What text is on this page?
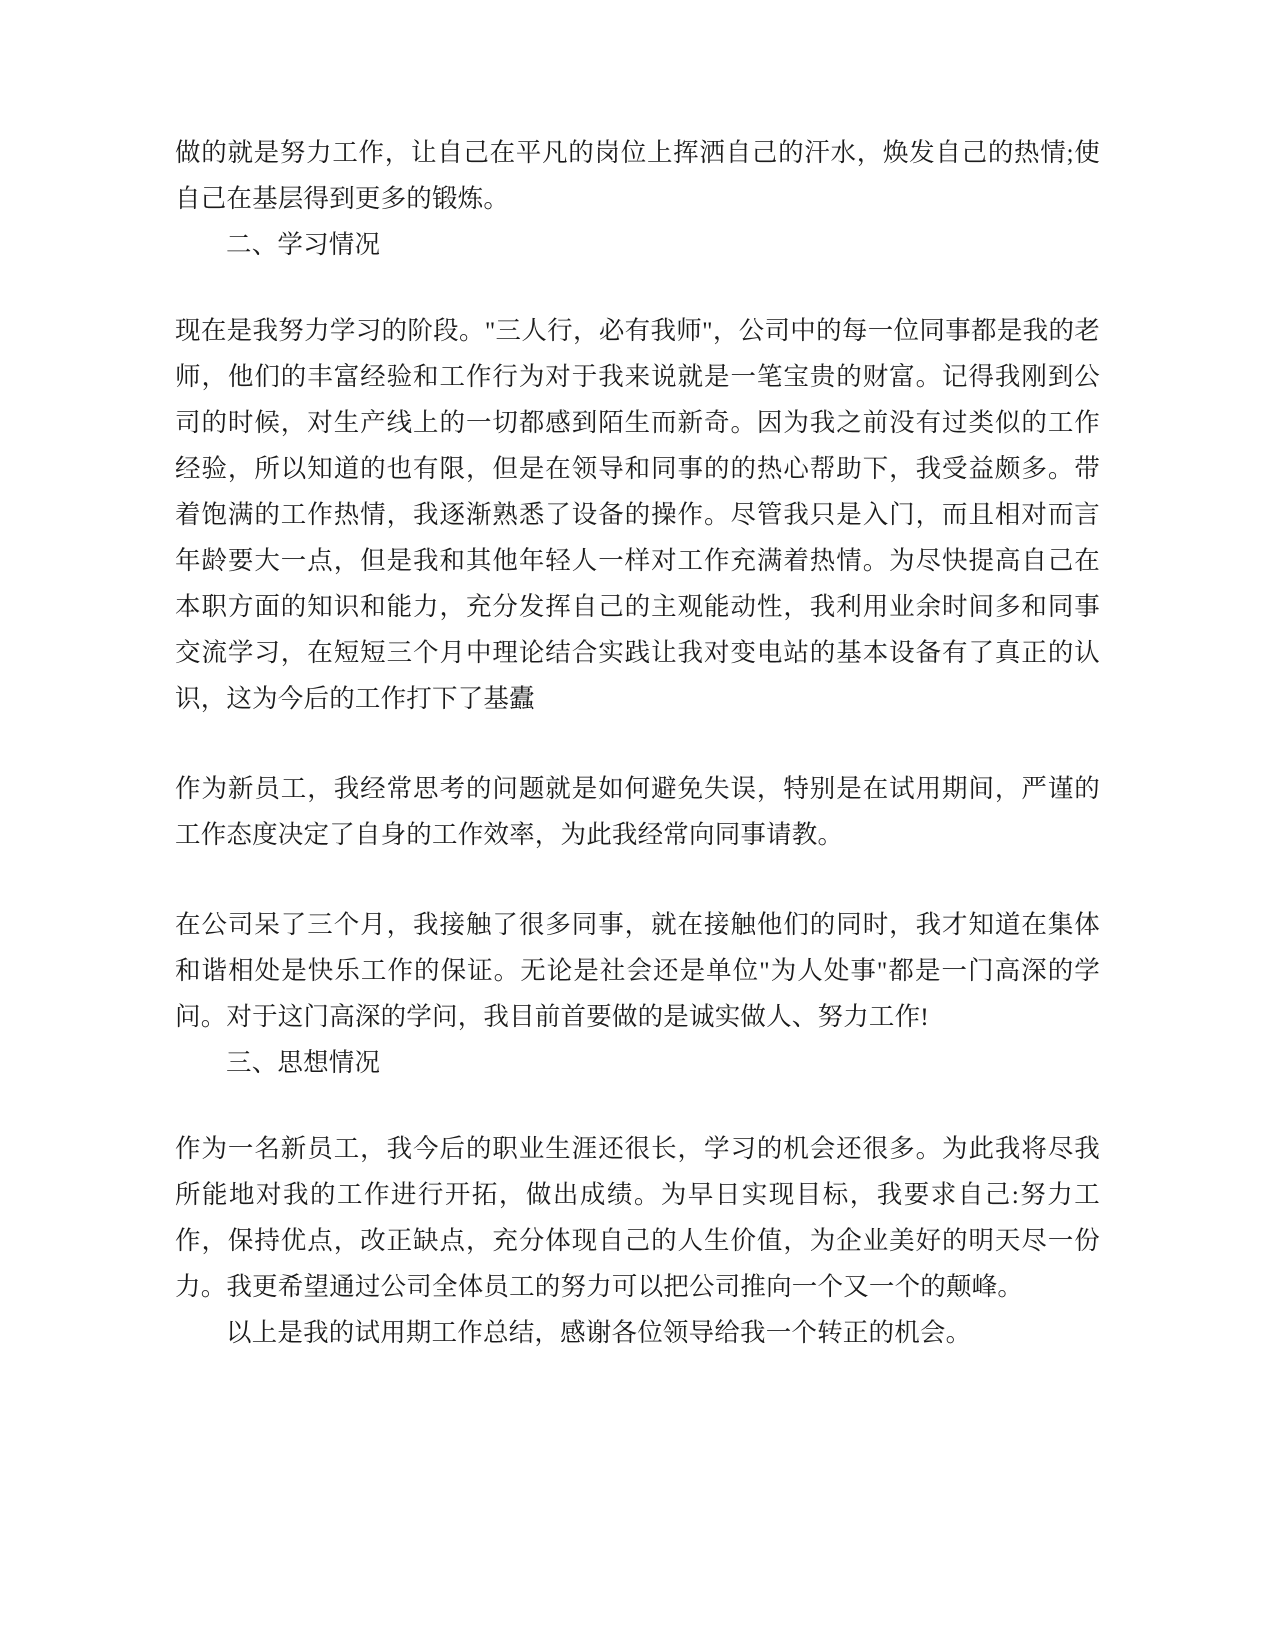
做的就是努力工作，让自己在平凡的岗位上挥洒自己的汗水，焕发自己的热情;使自己在基层得到更多的锻炼。

二、学习情况

现在是我努力学习的阶段。"三人行，必有我师"，公司中的每一位同事都是我的老师，他们的丰富经验和工作行为对于我来说就是一笔宝贵的财富。记得我刚到公司的时候，对生产线上的一切都感到陌生而新奇。因为我之前没有过类似的工作经验，所以知道的也有限，但是在领导和同事的的热心帮助下，我受益颇多。带着饱满的工作热情，我逐渐熟悉了设备的操作。尽管我只是入门，而且相对而言年龄要大一点，但是我和其他年轻人一样对工作充满着热情。为尽快提高自己在本职方面的知识和能力，充分发挥自己的主观能动性，我利用业余时间多和同事交流学习，在短短三个月中理论结合实践让我对变电站的基本设备有了真正的认识，这为今后的工作打下了基蠹

作为新员工，我经常思考的问题就是如何避免失误，特别是在试用期间，严谨的工作态度决定了自身的工作效率，为此我经常向同事请教。

在公司呆了三个月，我接触了很多同事，就在接触他们的同时，我才知道在集体和谐相处是快乐工作的保证。无论是社会还是单位"为人处事"都是一门高深的学问。对于这门高深的学问，我目前首要做的是诚实做人、努力工作!

三、思想情况

作为一名新员工，我今后的职业生涯还很长，学习的机会还很多。为此我将尽我所能地对我的工作进行开拓，做出成绩。为早日实现目标，我要求自己:努力工作，保持优点，改正缺点，充分体现自己的人生价值，为企业美好的明天尽一份力。我更希望通过公司全体员工的努力可以把公司推向一个又一个的颠峰。

以上是我的试用期工作总结，感谢各位领导给我一个转正的机会。
